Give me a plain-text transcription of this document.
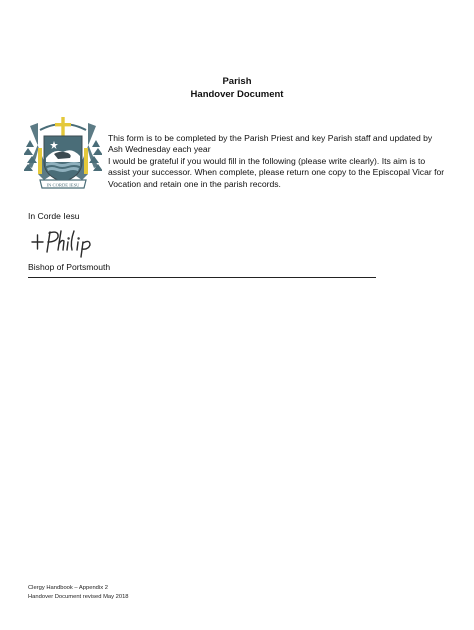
Parish
Handover Document
IN CORDE IESU

This form is to be completed by the Parish Priest and key Parish staff and updated by Ash Wednesday each year

I would be grateful if you would fill in the following (please write clearly). Its aim is to assist your successor. When complete, please return one copy to the Episcopal Vicar for Vocation and retain one in the parish records.

In Corde Iesu
Bishop of Portsmouth
Clergy Handbook – Appendix 2
Handover Document revised May 2018
